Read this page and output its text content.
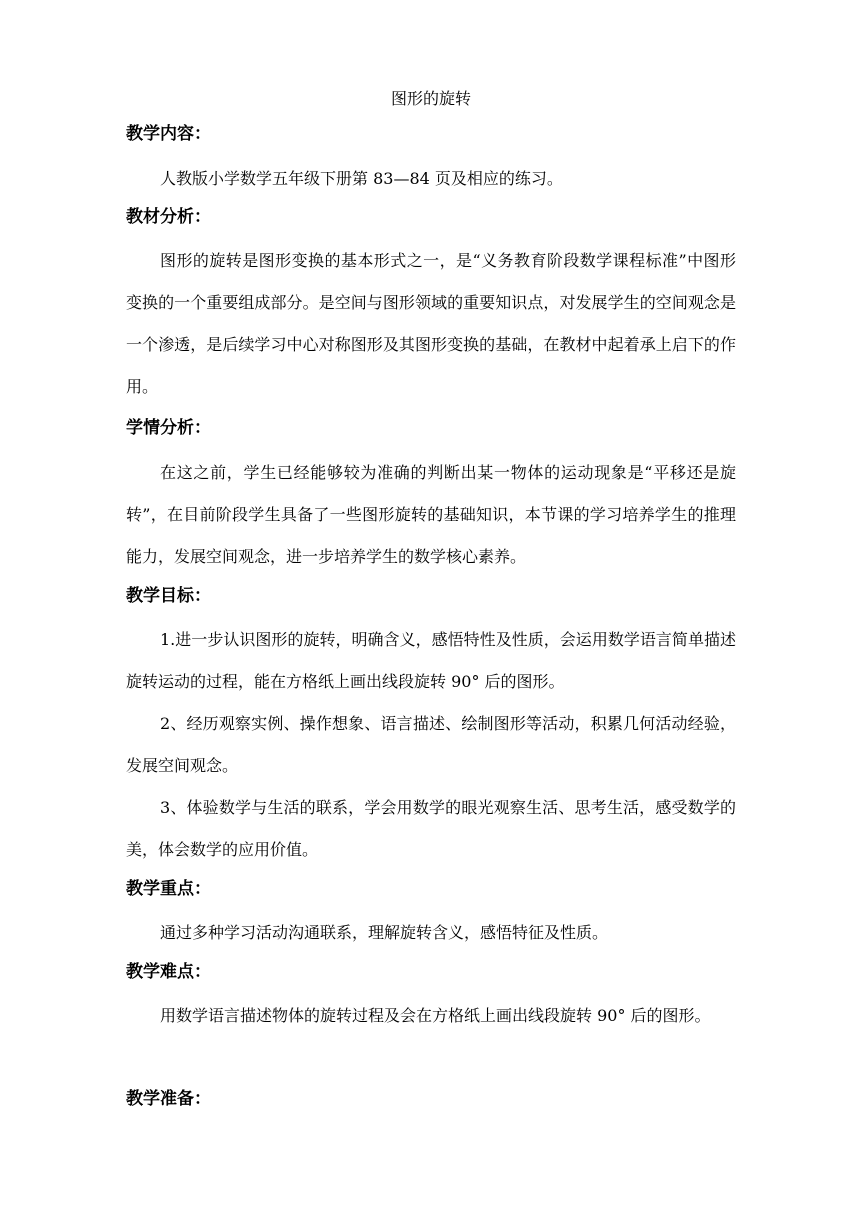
图形的旋转
教学内容：

人教版小学数学五年级下册第 83—84 页及相应的练习。

教材分析：

图形的旋转是图形变换的基本形式之一，是“义务教育阶段数学课程标准”中图形变换的一个重要组成部分。是空间与图形领域的重要知识点，对发展学生的空间观念是一个渗透，是后续学习中心对称图形及其图形变换的基础，在教材中起着承上启下的作用。

学情分析：

在这之前，学生已经能够较为准确的判断出某一物体的运动现象是“平移还是旋转”，在目前阶段学生具备了一些图形旋转的基础知识，本节课的学习培养学生的推理能力，发展空间观念，进一步培养学生的数学核心素养。

教学目标：

1.进一步认识图形的旋转，明确含义，感悟特性及性质，会运用数学语言简单描述旋转运动的过程，能在方格纸上画出线段旋转 90° 后的图形。

2、经历观察实例、操作想象、语言描述、绘制图形等活动，积累几何活动经验，发展空间观念。

3、体验数学与生活的联系，学会用数学的眼光观察生活、思考生活，感受数学的美，体会数学的应用价值。

教学重点：

通过多种学习活动沟通联系，理解旋转含义，感悟特征及性质。

教学难点：

用数学语言描述物体的旋转过程及会在方格纸上画出线段旋转 90° 后的图形。

教学准备：
